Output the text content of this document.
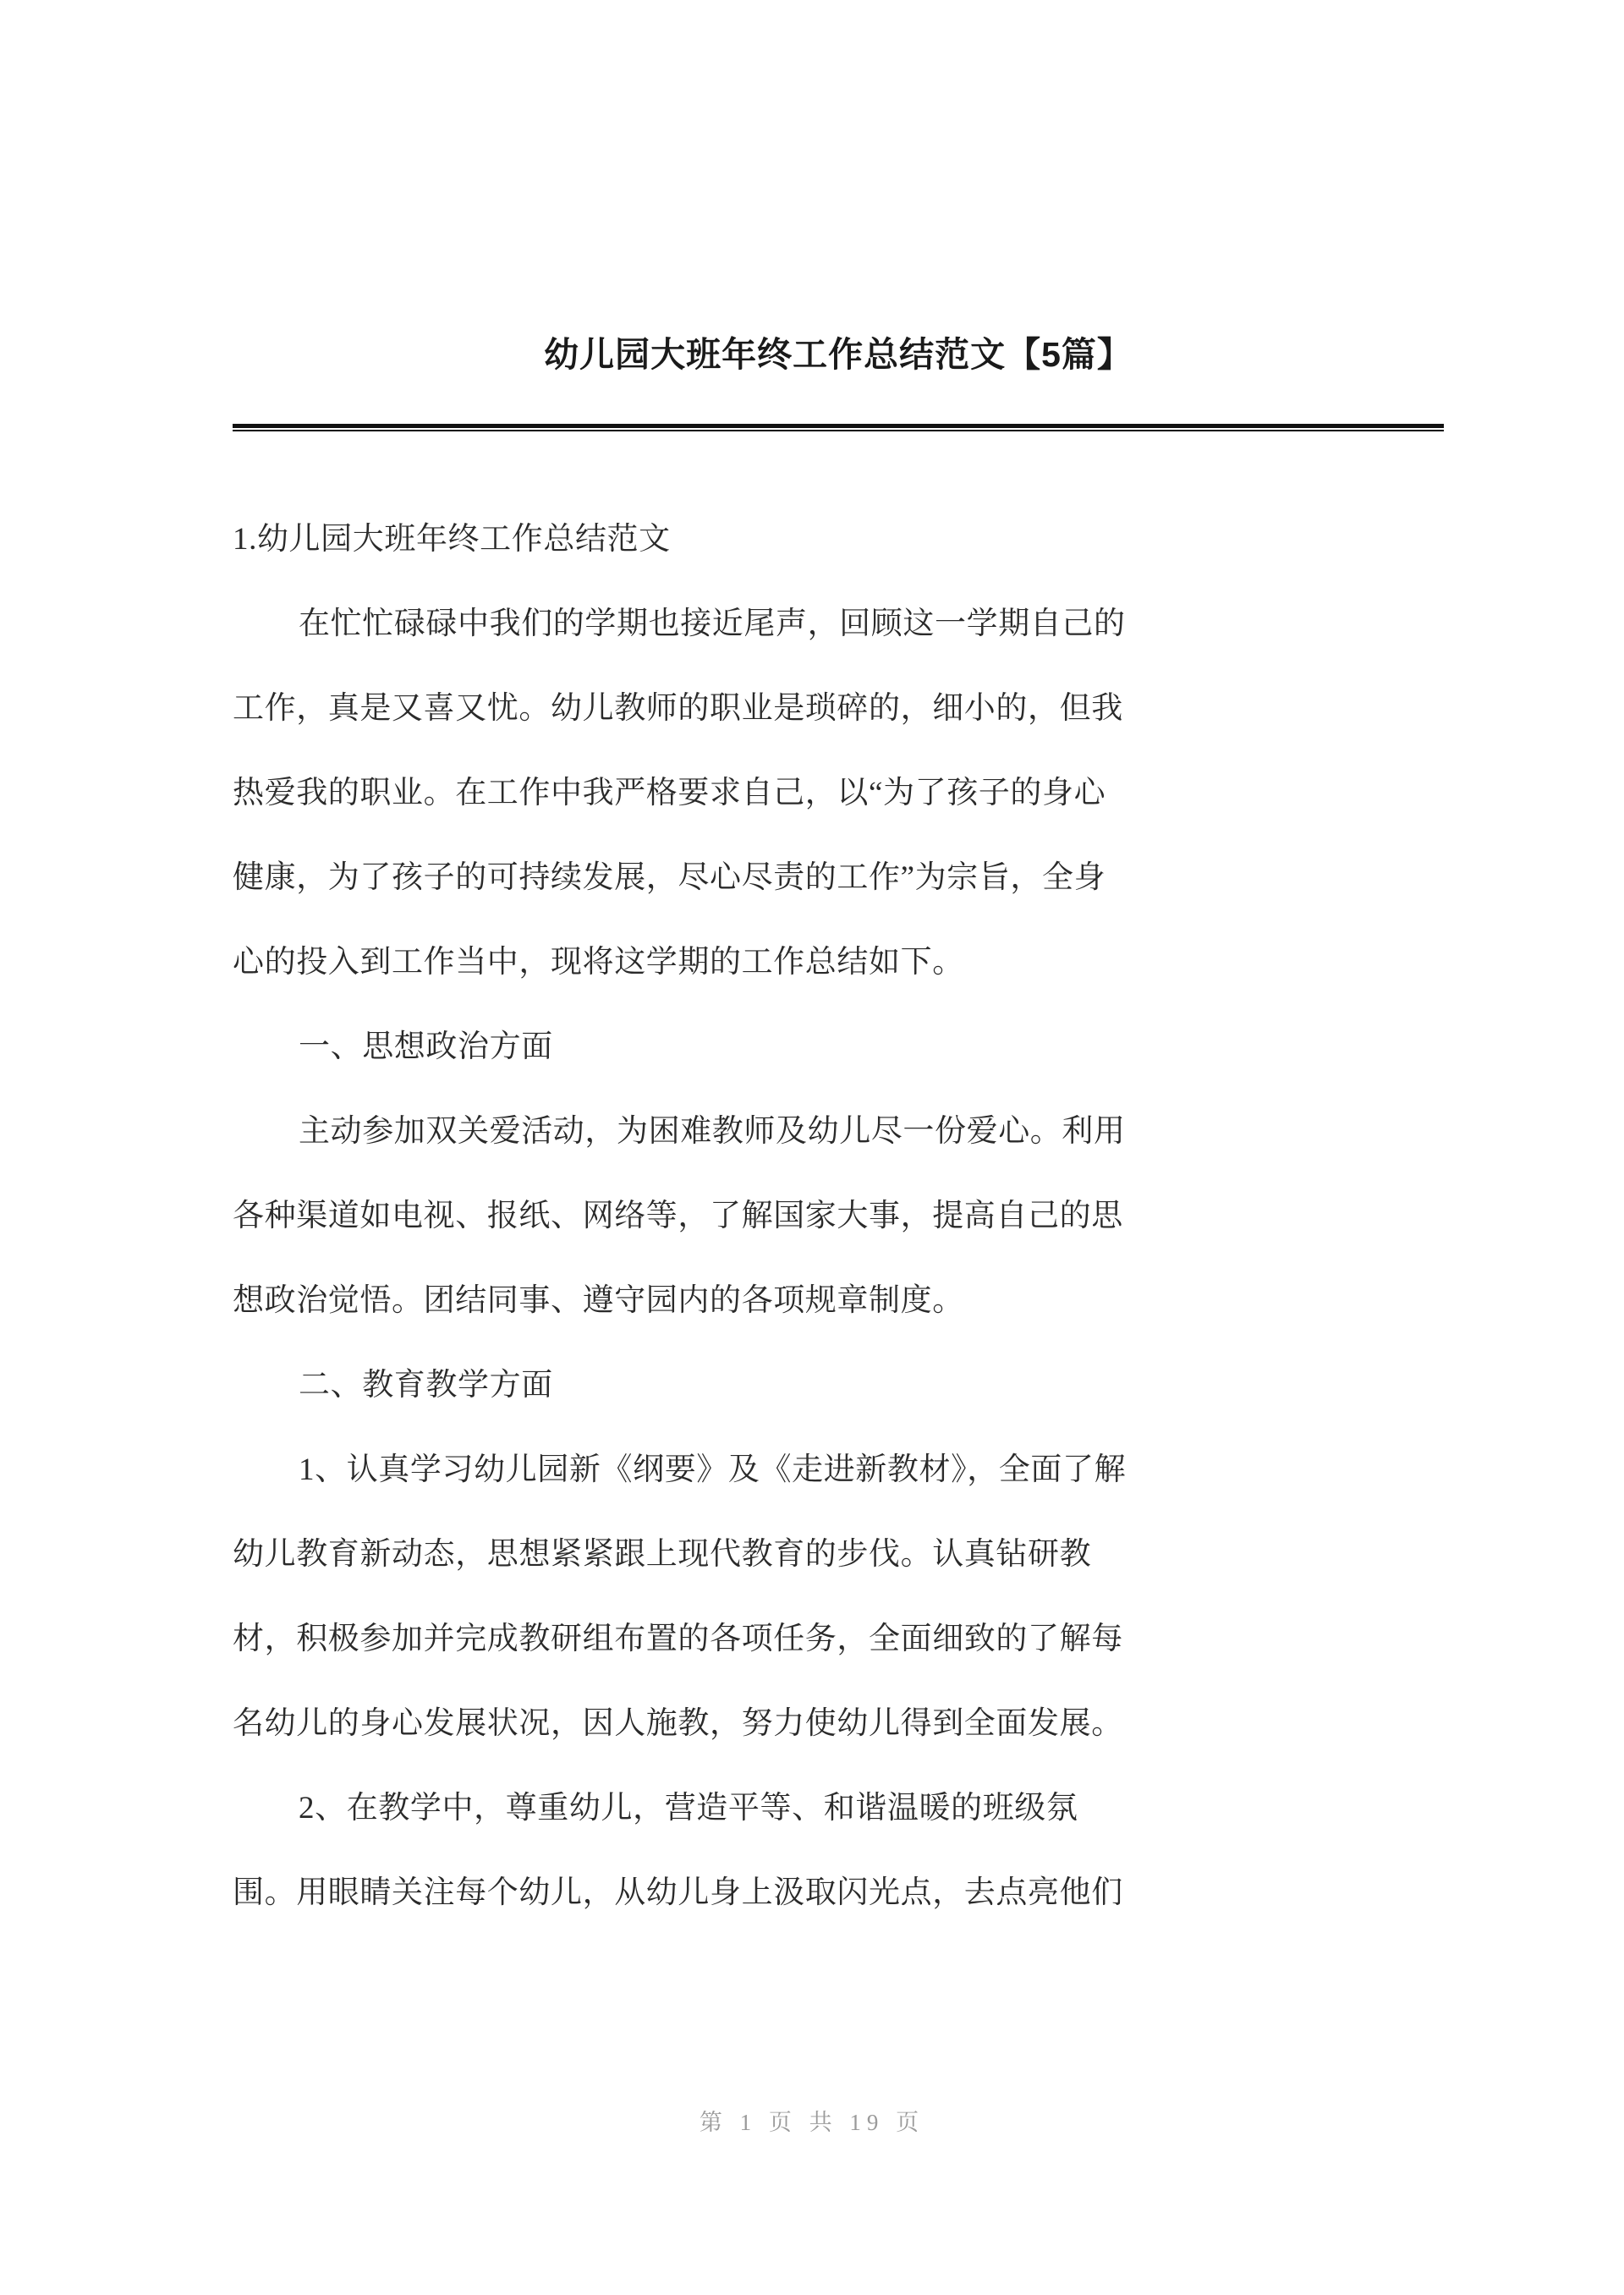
幼儿园大班年终工作总结范文【5篇】

1.幼儿园大班年终工作总结范文

在忙忙碌碌中我们的学期也接近尾声，回顾这一学期自己的

工作，真是又喜又忧。幼儿教师的职业是琐碎的，细小的，但我

热爱我的职业。在工作中我严格要求自己，以“为了孩子的身心

健康，为了孩子的可持续发展，尽心尽责的工作”为宗旨，全身

心的投入到工作当中，现将这学期的工作总结如下。

一、思想政治方面

主动参加双关爱活动，为困难教师及幼儿尽一份爱心。利用

各种渠道如电视、报纸、网络等，了解国家大事，提高自己的思

想政治觉悟。团结同事、遵守园内的各项规章制度。

二、教育教学方面

1、认真学习幼儿园新《纲要》及《走进新教材》，全面了解

幼儿教育新动态，思想紧紧跟上现代教育的步伐。认真钻研教

材，积极参加并完成教研组布置的各项任务，全面细致的了解每

名幼儿的身心发展状况，因人施教，努力使幼儿得到全面发展。

2、在教学中，尊重幼儿，营造平等、和谐温暖的班级氛

围。用眼睛关注每个幼儿，从幼儿身上汲取闪光点，去点亮他们

第 1 页 共 19 页
